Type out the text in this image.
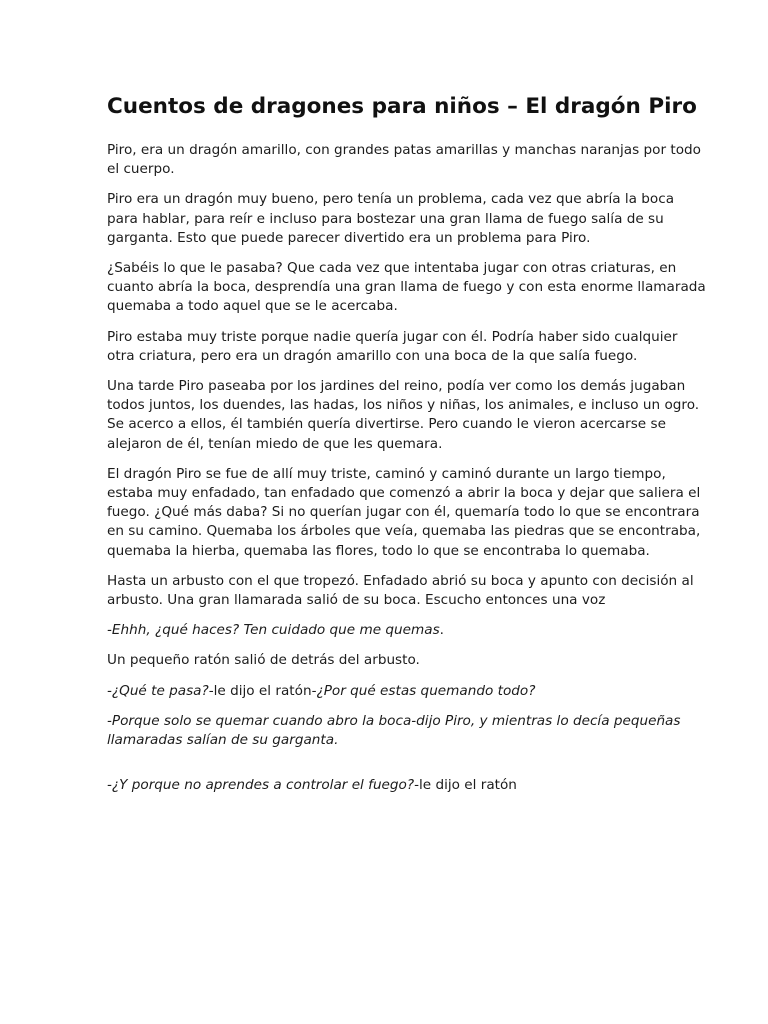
Cuentos de dragones para niños – El dragón Piro

Piro, era un dragón amarillo, con grandes patas amarillas y manchas naranjas por todo el cuerpo.

Piro era un dragón muy bueno, pero tenía un problema, cada vez que abría la boca para hablar, para reír e incluso para bostezar una gran llama de fuego salía de su garganta. Esto que puede parecer divertido era un problema para Piro.

¿Sabéis lo que le pasaba? Que cada vez que intentaba jugar con otras criaturas, en cuanto abría la boca, desprendía una gran llama de fuego y con esta enorme llamarada quemaba a todo aquel que se le acercaba.

Piro estaba muy triste porque nadie quería jugar con él. Podría haber sido cualquier otra criatura, pero era un dragón amarillo con una boca de la que salía fuego.

Una tarde Piro paseaba por los jardines del reino, podía ver como los demás jugaban todos juntos, los duendes, las hadas, los niños y niñas, los animales, e incluso un ogro. Se acerco a ellos, él también quería divertirse. Pero cuando le vieron acercarse se alejaron de él, tenían miedo de que les quemara.

El dragón Piro se fue de allí muy triste, caminó y caminó durante un largo tiempo, estaba muy enfadado, tan enfadado que comenzó a abrir la boca y dejar que saliera el fuego. ¿Qué más daba? Si no querían jugar con él, quemaría todo lo que se encontrara en su camino. Quemaba los árboles que veía, quemaba las piedras que se encontraba, quemaba la hierba, quemaba las flores, todo lo que se encontraba lo quemaba.

Hasta un arbusto con el que tropezó. Enfadado abrió su boca y apunto con decisión al arbusto. Una gran llamarada salió de su boca. Escucho entonces una voz

-Ehhh, ¿qué haces? Ten cuidado que me quemas.

Un pequeño ratón salió de detrás del arbusto.

-¿Qué te pasa?-le dijo el ratón-¿Por qué estas quemando todo?

-Porque solo se quemar cuando abro la boca-dijo Piro, y mientras lo decía pequeñas llamaradas salían de su garganta.

-¿Y porque no aprendes a controlar el fuego?-le dijo el ratón
